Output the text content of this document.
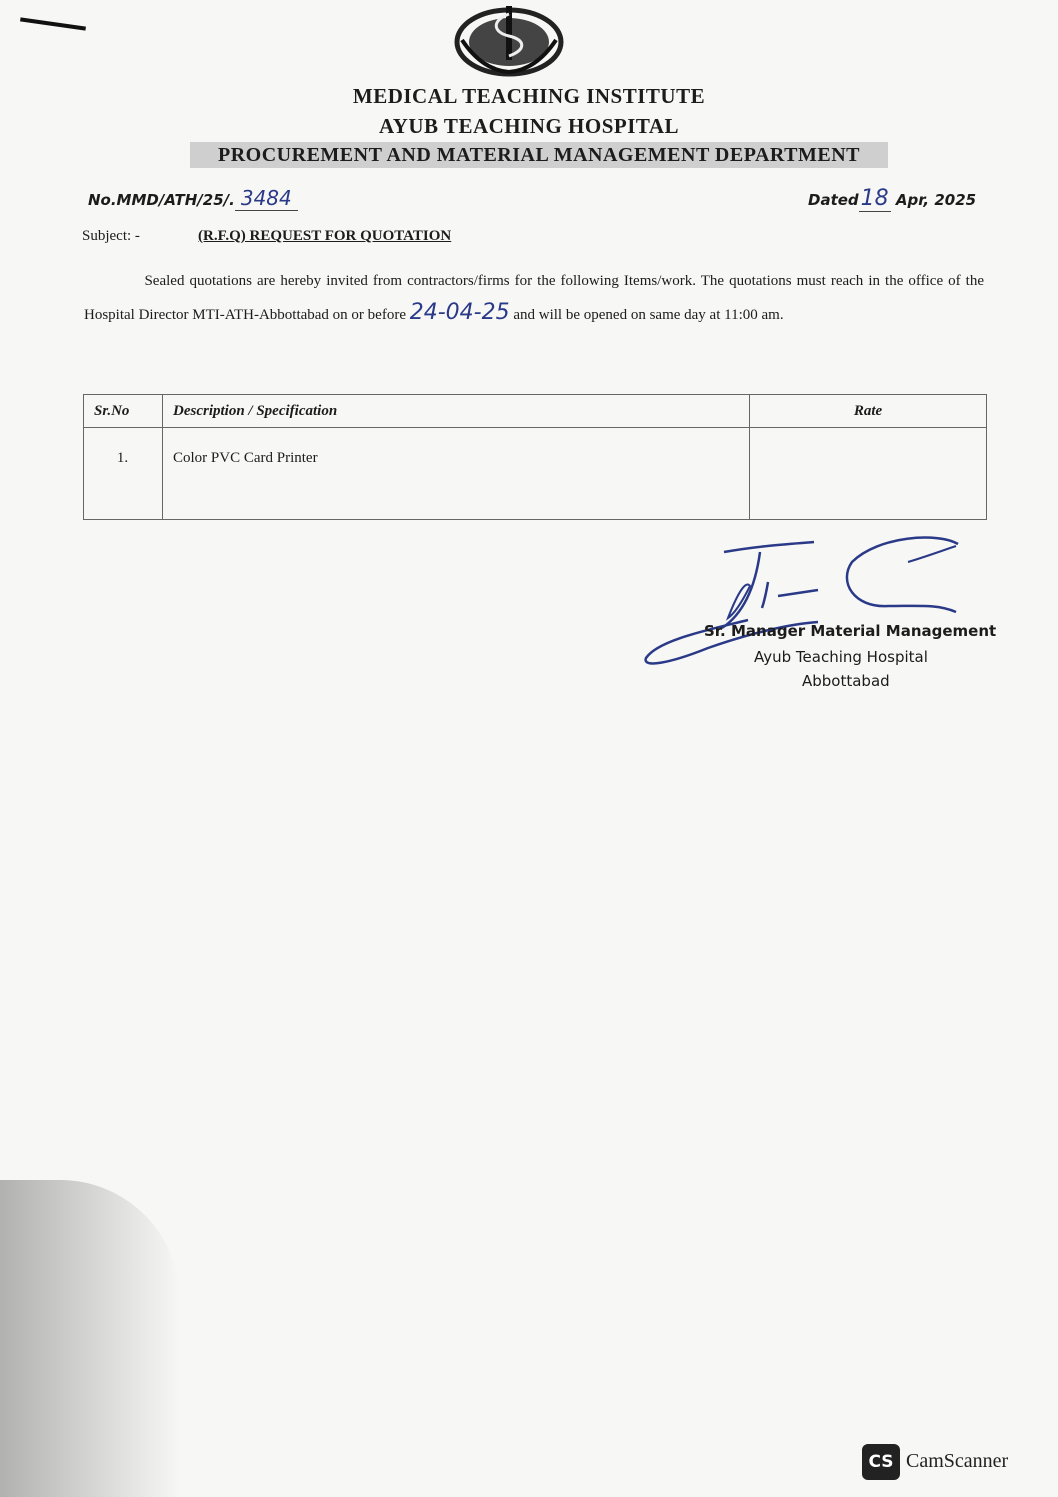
MEDICAL TEACHING INSTITUTE
AYUB TEACHING HOSPITAL
PROCUREMENT AND MATERIAL MANAGEMENT DEPARTMENT
No.MMD/ATH/25/. 3484	Dated18 Apr, 2025
Subject: -	(R.F.Q) REQUEST FOR QUOTATION
Sealed quotations are hereby invited from contractors/firms for the following Items/work. The quotations must reach in the office of the Hospital Director MTI-ATH-Abbottabad on or before 24-04-25 and will be opened on same day at 11:00 am.
Sr.No	Description / Specification	Rate
1.	Color PVC Card Printer	
Sr. Manager Material Management
Ayub Teaching Hospital
Abbottabad
CS CamScanner
